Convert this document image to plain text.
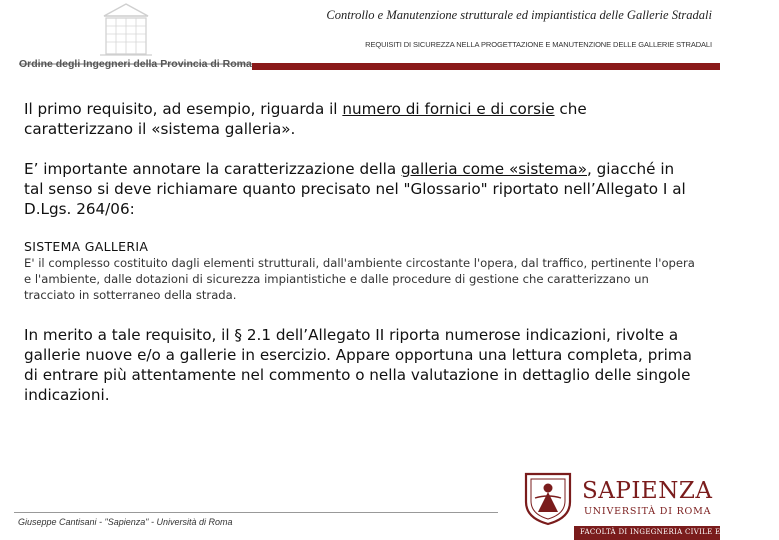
Controllo e Manutenzione strutturale ed impiantistica delle Gallerie Stradali
REQUISITI DI SICUREZZA NELLA PROGETTAZIONE E MANUTENZIONE DELLE GALLERIE STRADALI
Ordine degli Ingegneri della Provincia di Roma

Il primo requisito, ad esempio, riguarda il numero di fornici e di corsie che caratterizzano il «sistema galleria».

E’ importante annotare la caratterizzazione della galleria come «sistema», giacché in tal senso si deve richiamare quanto precisato nel "Glossario" riportato nell’Allegato I al D.Lgs. 264/06:

SISTEMA GALLERIA

E' il complesso costituito dagli elementi strutturali, dall'ambiente circostante l'opera, dal traffico, pertinente l'opera e l'ambiente, dalle dotazioni di sicurezza impiantistiche e dalle procedure di gestione che caratterizzano un tracciato in sotterraneo della strada.

In merito a tale requisito, il § 2.1 dell’Allegato II riporta numerose indicazioni, rivolte a gallerie nuove e/o a gallerie in esercizio. Appare opportuna una lettura completa, prima di entrare più attentamente nel commento o nella valutazione in dettaglio delle singole indicazioni.

Giuseppe Cantisani - "Sapienza" - Università di Roma
SAPIENZA
UNIVERSITÀ DI ROMA
FACOLTÀ DI INGEGNERIA CIVILE E INDUSTRIALE
